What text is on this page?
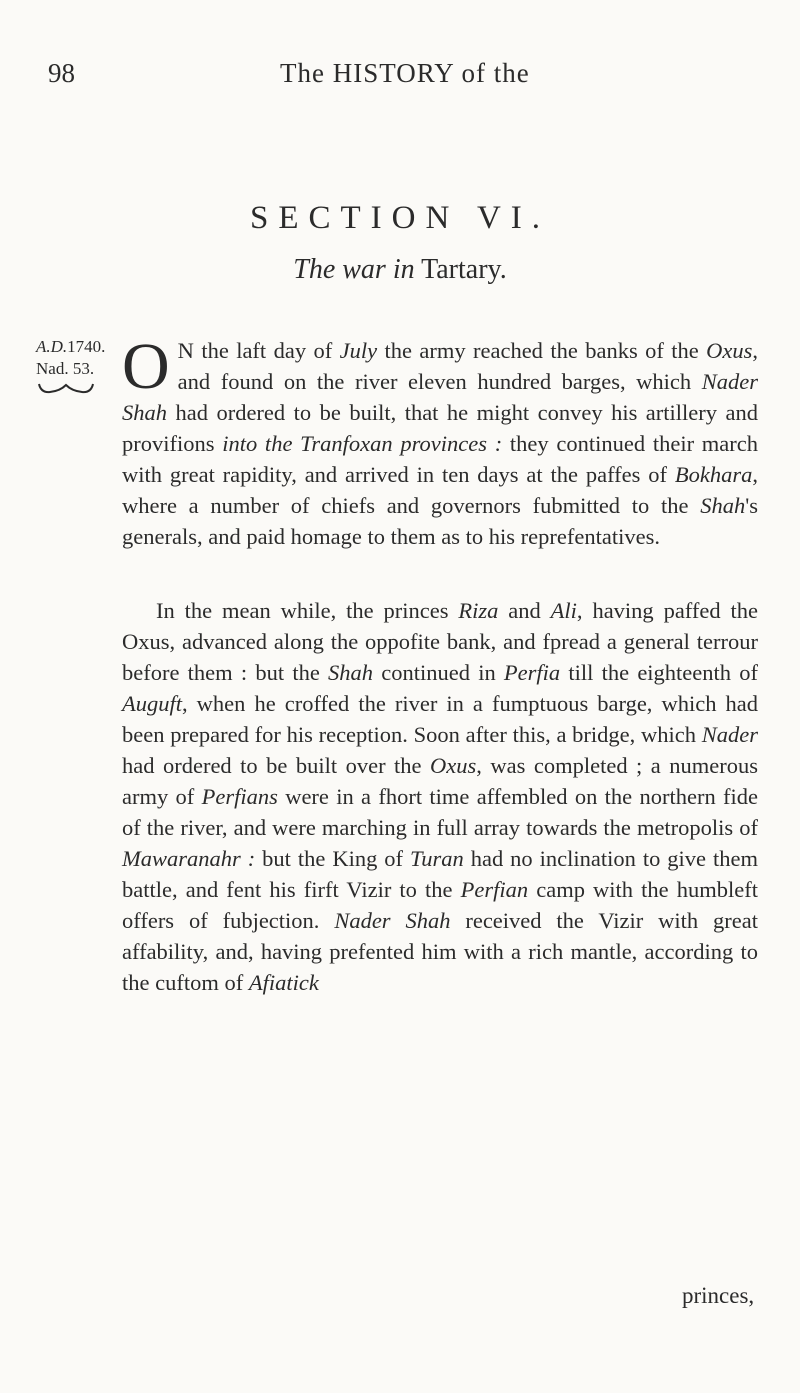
98	The HISTORY of the
SECTION VI.
The war in Tartary.
A.D.1740.
Nad. 53. O N the laft day of July the army reached the banks of the Oxus, and found on the river eleven hundred barges, which Nader Shah had ordered to be built, that he might convey his artillery and provifions into the Tranfoxan provinces : they continued their march with great rapidity, and arrived in ten days at the paffes of Bokhara, where a number of chiefs and governors fubmitted to the Shah's generals, and paid homage to them as to his reprefentatives.
In the mean while, the princes Riza and Ali, having paffed the Oxus, advanced along the oppofite bank, and fpread a general terrour before them : but the Shah continued in Perfia till the eighteenth of Auguft, when he croffed the river in a fumptuous barge, which had been prepared for his reception. Soon after this, a bridge, which Nader had ordered to be built over the Oxus, was completed ; a numerous army of Perfians were in a fhort time affembled on the northern fide of the river, and were marching in full array towards the metropolis of Mawaranahr : but the King of Turan had no inclination to give them battle, and fent his firft Vizir to the Perfian camp with the humbleft offers of fubjection. Nader Shah received the Vizir with great affability, and, having prefented him with a rich mantle, according to the cuftom of Afiatick
princes,
